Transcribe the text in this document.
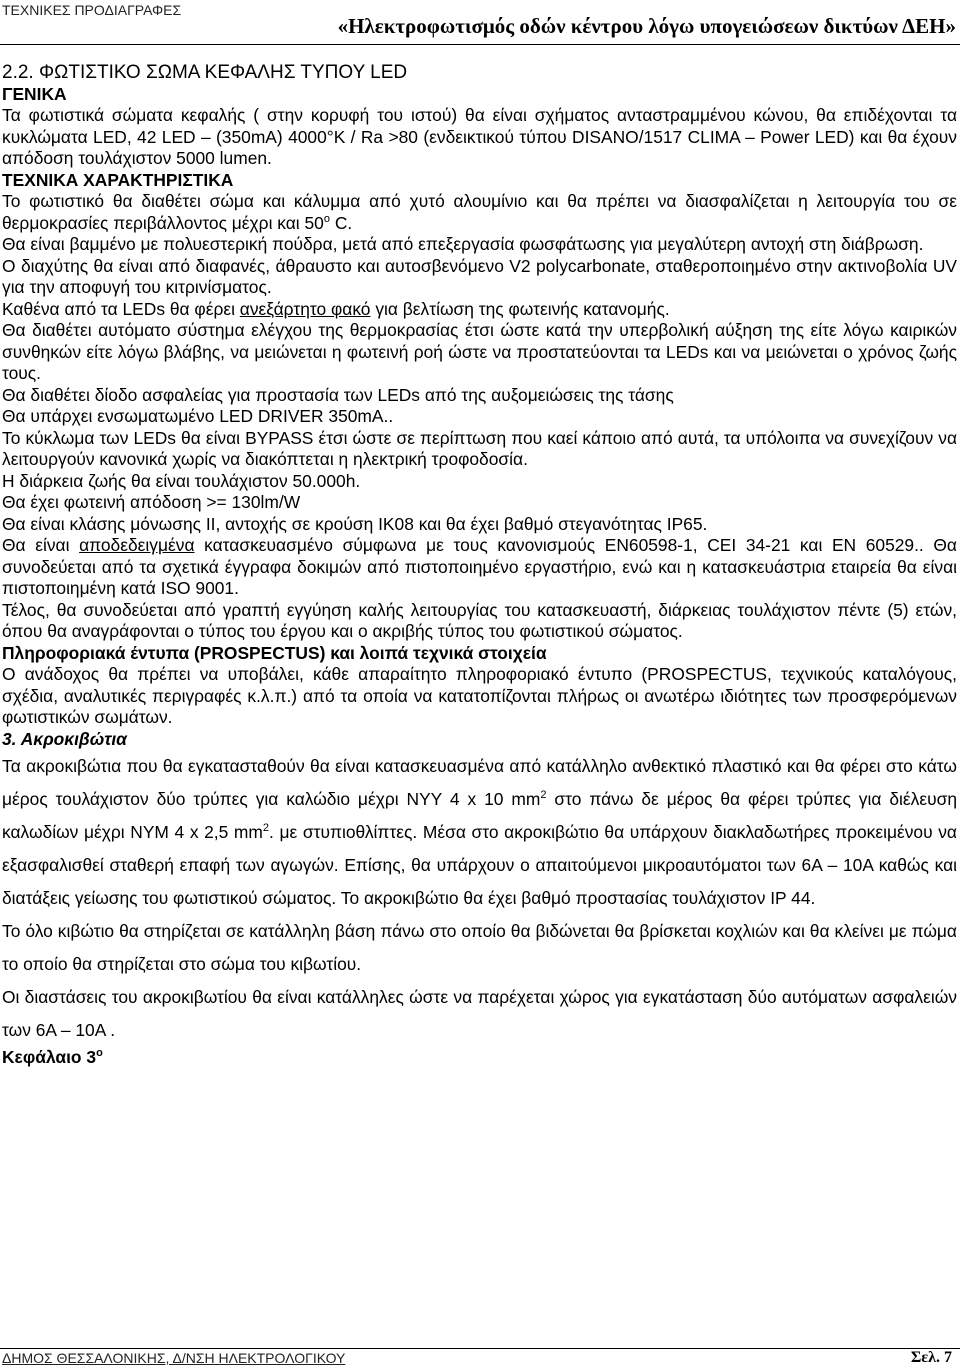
ΤΕΧΝΙΚΕΣ ΠΡΟΔΙΑΓΡΑΦΕΣ
«Ηλεκτροφωτισμός οδών κέντρου λόγω υπογειώσεων δικτύων ΔΕΗ»

2.2. ΦΩΤΙΣΤΙΚΟ ΣΩΜΑ ΚΕΦΑΛΗΣ ΤΥΠΟΥ LED

ΓΕΝΙΚΑ

Τα φωτιστικά σώματα κεφαλής ( στην κορυφή του ιστού) θα είναι σχήματος ανταστραμμένου κώνου, θα επιδέχονται τα κυκλώματα LED, 42 LED – (350mA) 4000°K / Ra >80 (ενδεικτικού τύπου DISANO/1517 CLIMA – Power LED) και θα έχουν απόδοση τουλάχιστον 5000 lumen.

ΤΕΧΝΙΚΑ ΧΑΡΑΚΤΗΡΙΣΤΙΚΑ

Το φωτιστικό θα διαθέτει σώμα και κάλυμμα από χυτό αλουμίνιο και θα πρέπει να διασφαλίζεται η λειτουργία του σε θερμοκρασίες περιβάλλοντος μέχρι και $50^o$ C.

Θα είναι βαμμένο με πολυεστερική πούδρα, μετά από επεξεργασία φωσφάτωσης για μεγαλύτερη αντοχή στη διάβρωση.

Ο διαχύτης θα είναι από διαφανές, άθραυστο και αυτοσβενόμενο V2 polycarbonate, σταθεροποιημένο στην ακτινοβολία UV για την αποφυγή του κιτρινίσματος.

Καθένα από τα LEDs θα φέρει ανεξάρτητο φακό για βελτίωση της φωτεινής κατανομής.

Θα διαθέτει αυτόματο σύστημα ελέγχου της θερμοκρασίας έτσι ώστε κατά την υπερβολική αύξηση της είτε λόγω καιρικών συνθηκών είτε λόγω βλάβης, να μειώνεται η φωτεινή ροή ώστε να προστατεύονται τα LEDs και να μειώνεται ο χρόνος ζωής τους.

Θα διαθέτει δίοδο ασφαλείας για προστασία των LEDs από της αυξομειώσεις της τάσης

Θα υπάρχει ενσωματωμένο LED DRIVER 350mA..

Το κύκλωμα των LEDs θα είναι BYPASS έτσι ώστε σε περίπτωση που καεί κάποιο από αυτά, τα υπόλοιπα να συνεχίζουν να λειτουργούν κανονικά χωρίς να διακόπτεται η ηλεκτρική τροφοδοσία.

Η διάρκεια ζωής θα είναι τουλάχιστον 50.000h.

Θα έχει φωτεινή απόδοση >= 130lm/W

Θα είναι κλάσης μόνωσης ΙΙ, αντοχής σε κρούση ΙΚ08 και θα έχει βαθμό στεγανότητας IP65.

Θα είναι αποδεδειγμένα κατασκευασμένο σύμφωνα με τους κανονισμούς EN60598-1, CEI 34-21 και EN 60529.. Θα συνοδεύεται από τα σχετικά έγγραφα δοκιμών από πιστοποιημένο εργαστήριο, ενώ και η κατασκευάστρια εταιρεία θα είναι πιστοποιημένη κατά ISO 9001.

Τέλος, θα συνοδεύεται από γραπτή εγγύηση καλής λειτουργίας του κατασκευαστή, διάρκειας τουλάχιστον πέντε (5) ετών, όπου θα αναγράφονται ο τύπος του έργου και ο ακριβής τύπος του φωτιστικού σώματος.

Πληροφοριακά έντυπα (PROSPECTUS) και λοιπά τεχνικά στοιχεία

Ο ανάδοχος θα πρέπει να υποβάλει, κάθε απαραίτητο πληροφοριακό έντυπο (PROSPECTUS, τεχνικούς καταλόγους, σχέδια, αναλυτικές περιγραφές κ.λ.π.) από τα οποία να κατατοπίζονται πλήρως οι ανωτέρω ιδιότητες των προσφερόμενων φωτιστικών σωμάτων.

3. Ακροκιβώτια

Τα ακροκιβώτια που θα εγκατασταθούν θα είναι κατασκευασμένα από κατάλληλο ανθεκτικό πλαστικό και θα φέρει στο κάτω μέρος τουλάχιστον δύο τρύπες για καλώδιο μέχρι ΝΥΥ 4 x 10 $mm^2$ στο πάνω δε μέρος θα φέρει τρύπες για διέλευση καλωδίων μέχρι NYM 4 x 2,5 $mm^2$. με στυπιοθλίπτες. Μέσα στο ακροκιβώτιο θα υπάρχουν διακλαδωτήρες προκειμένου να εξασφαλισθεί σταθερή επαφή των αγωγών. Επίσης, θα υπάρχουν ο απαιτούμενοι μικροαυτόματοι των 6Α – 10Α καθώς και διατάξεις γείωσης του φωτιστικού σώματος. Το ακροκιβώτιο θα έχει βαθμό προστασίας τουλάχιστον IP 44.

Το όλο κιβώτιο θα στηρίζεται σε κατάλληλη βάση πάνω στο οποίο θα βιδώνεται θα βρίσκεται κοχλιών και θα κλείνει με πώμα το οποίο θα στηρίζεται στο σώμα του κιβωτίου.

Οι διαστάσεις του ακροκιβωτίου θα είναι κατάλληλες ώστε να παρέχεται χώρος για εγκατάσταση δύο αυτόματων ασφαλειών των 6Α – 10Α .

Κεφάλαιο $3^o$

ΔΗΜΟΣ ΘΕΣΣΑΛΟΝΙΚΗΣ, Δ/ΝΣΗ ΗΛΕΚΤΡΟΛΟΓΙΚΟΥ	Σελ. 7
